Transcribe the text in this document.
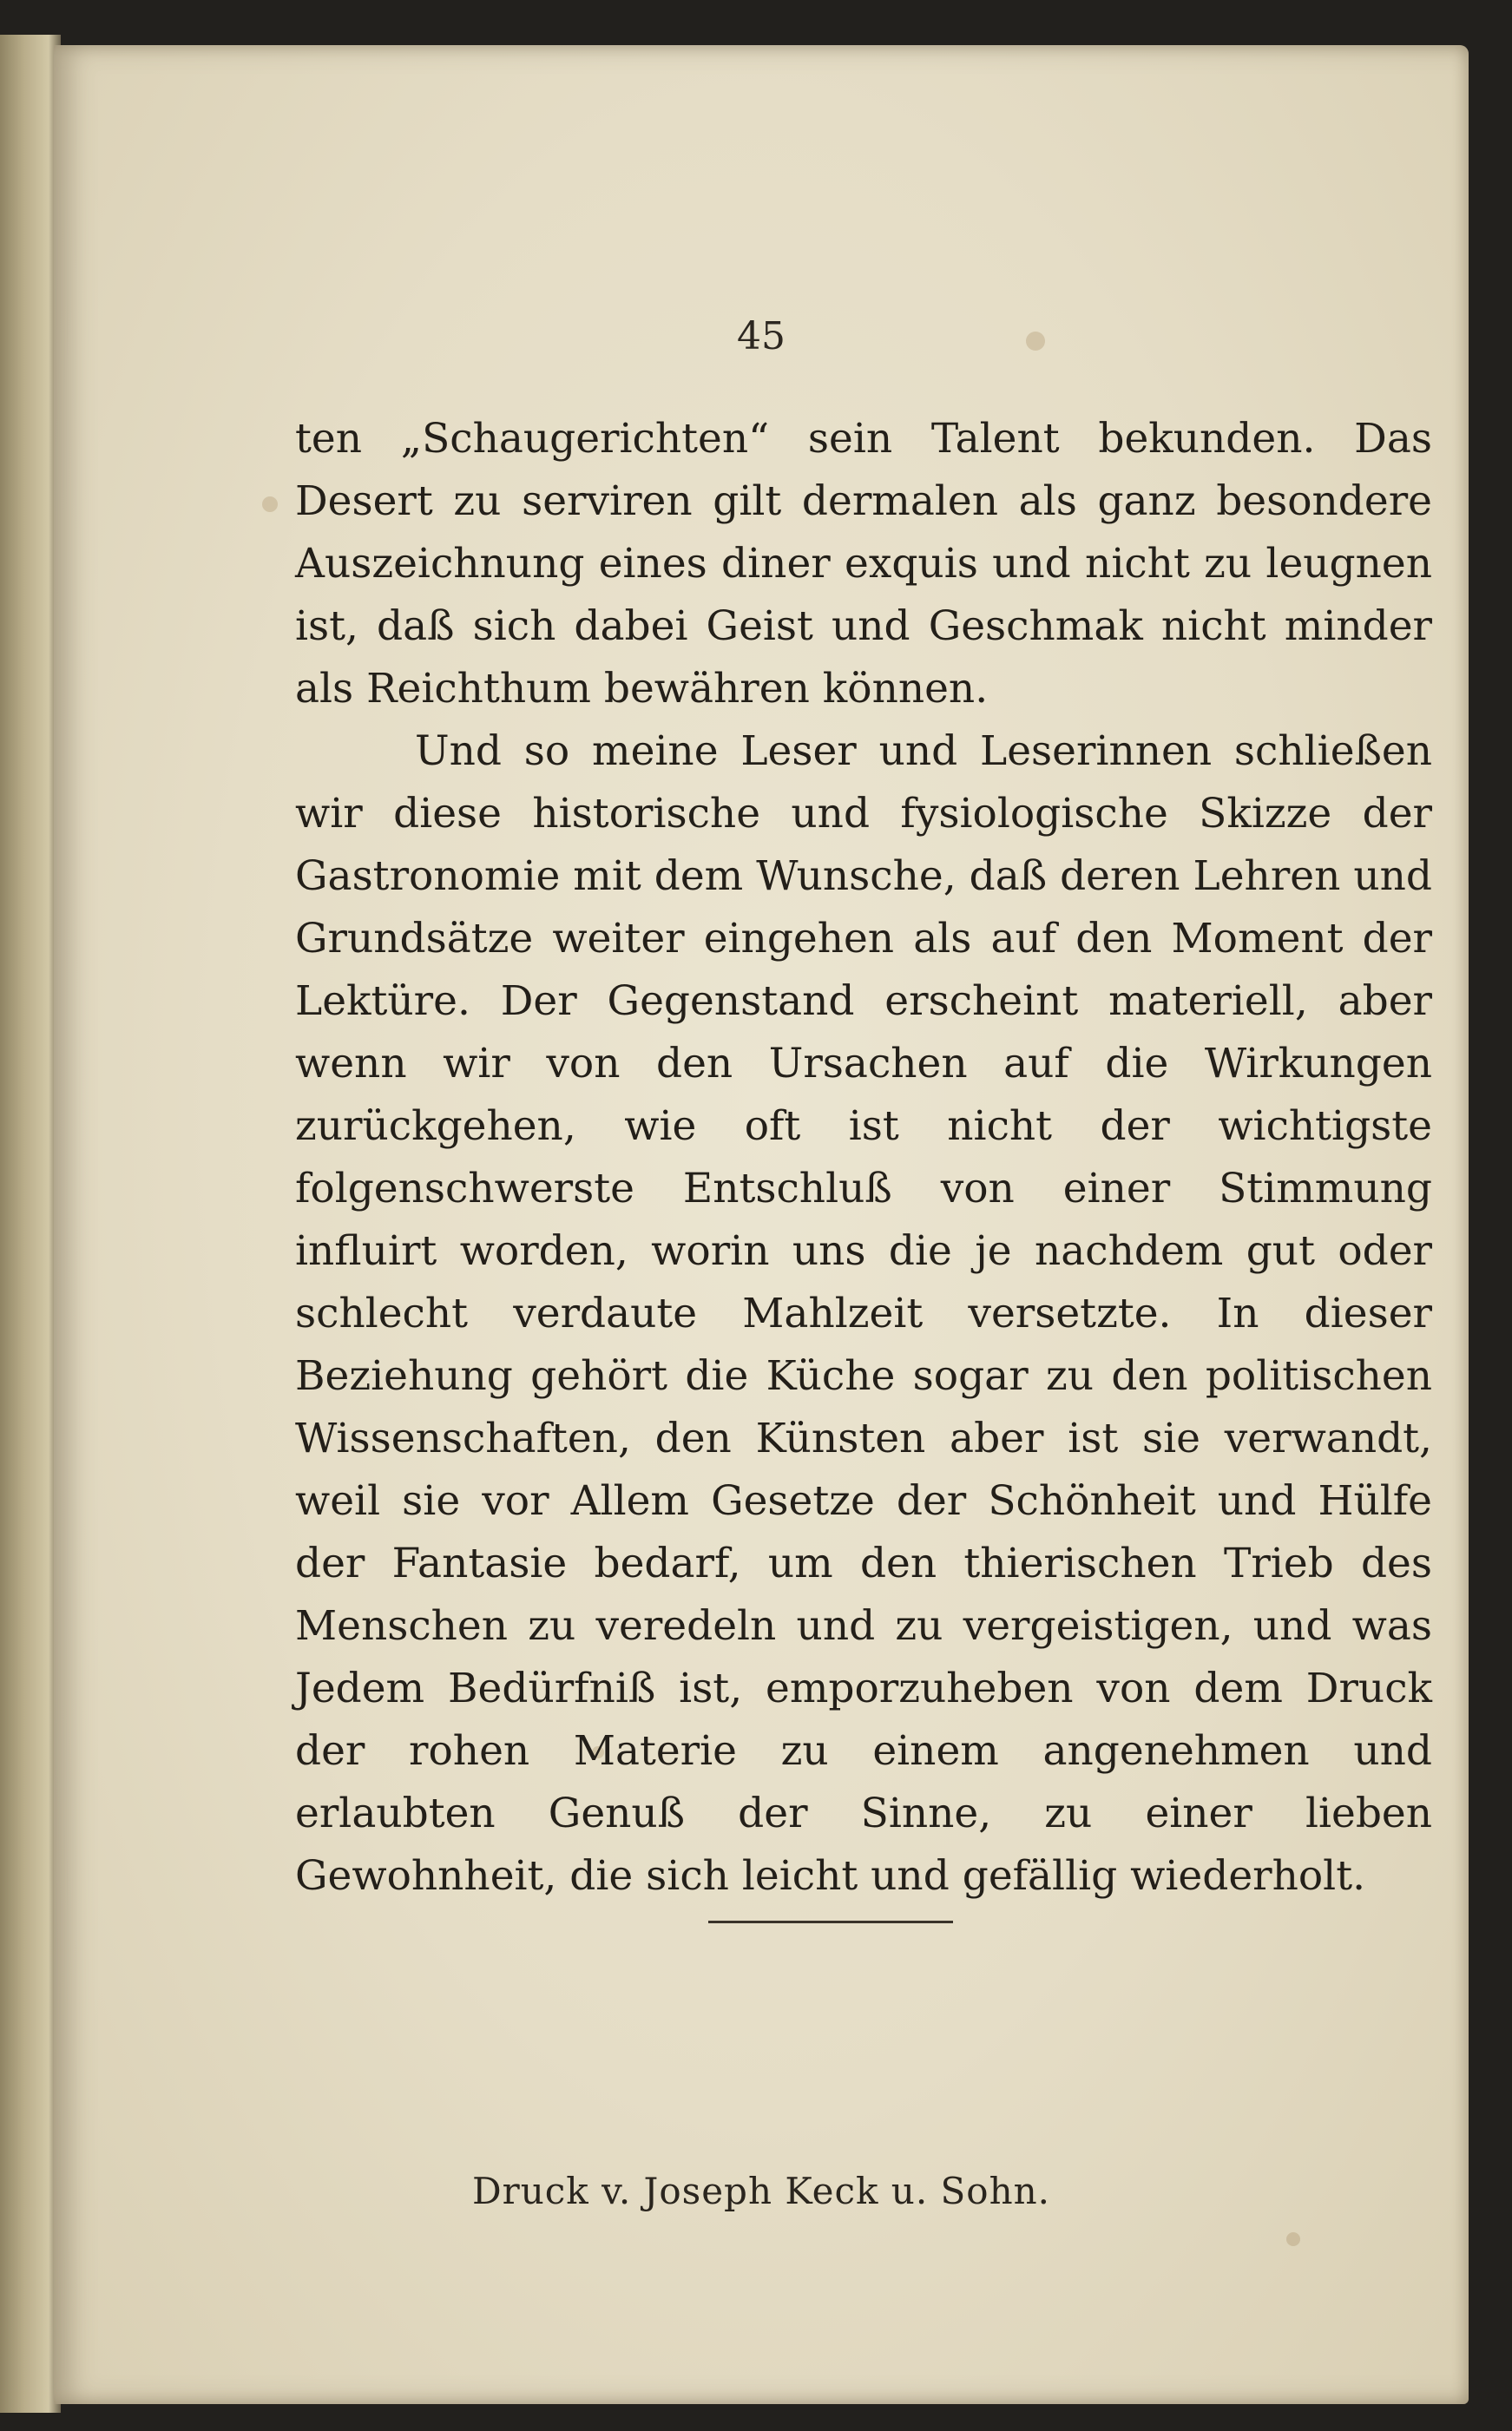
45

ten „Schaugerichten“ sein Talent bekunden. Das Desert zu serviren gilt dermalen als ganz besondere Auszeichnung eines diner exquis und nicht zu leugnen ist, daß sich dabei Geist und Geschmak nicht minder als Reichthum bewähren können.

Und so meine Leser und Leserinnen schließen wir diese historische und fysiologische Skizze der Gastronomie mit dem Wunsche, daß deren Lehren und Grundsätze weiter eingehen als auf den Moment der Lektüre. Der Gegenstand erscheint materiell, aber wenn wir von den Ursachen auf die Wirkungen zurückgehen, wie oft ist nicht der wichtigste folgenschwerste Entschluß von einer Stimmung influirt worden, worin uns die je nachdem gut oder schlecht verdaute Mahlzeit versetzte. In dieser Beziehung gehört die Küche sogar zu den politischen Wissenschaften, den Künsten aber ist sie verwandt, weil sie vor Allem Gesetze der Schönheit und Hülfe der Fantasie bedarf, um den thierischen Trieb des Menschen zu veredeln und zu vergeistigen, und was Jedem Bedürfniß ist, emporzuheben von dem Druck der rohen Materie zu einem angenehmen und erlaubten Genuß der Sinne, zu einer lieben Gewohnheit, die sich leicht und gefällig wiederholt.

Druck v. Joseph Keck u. Sohn.
